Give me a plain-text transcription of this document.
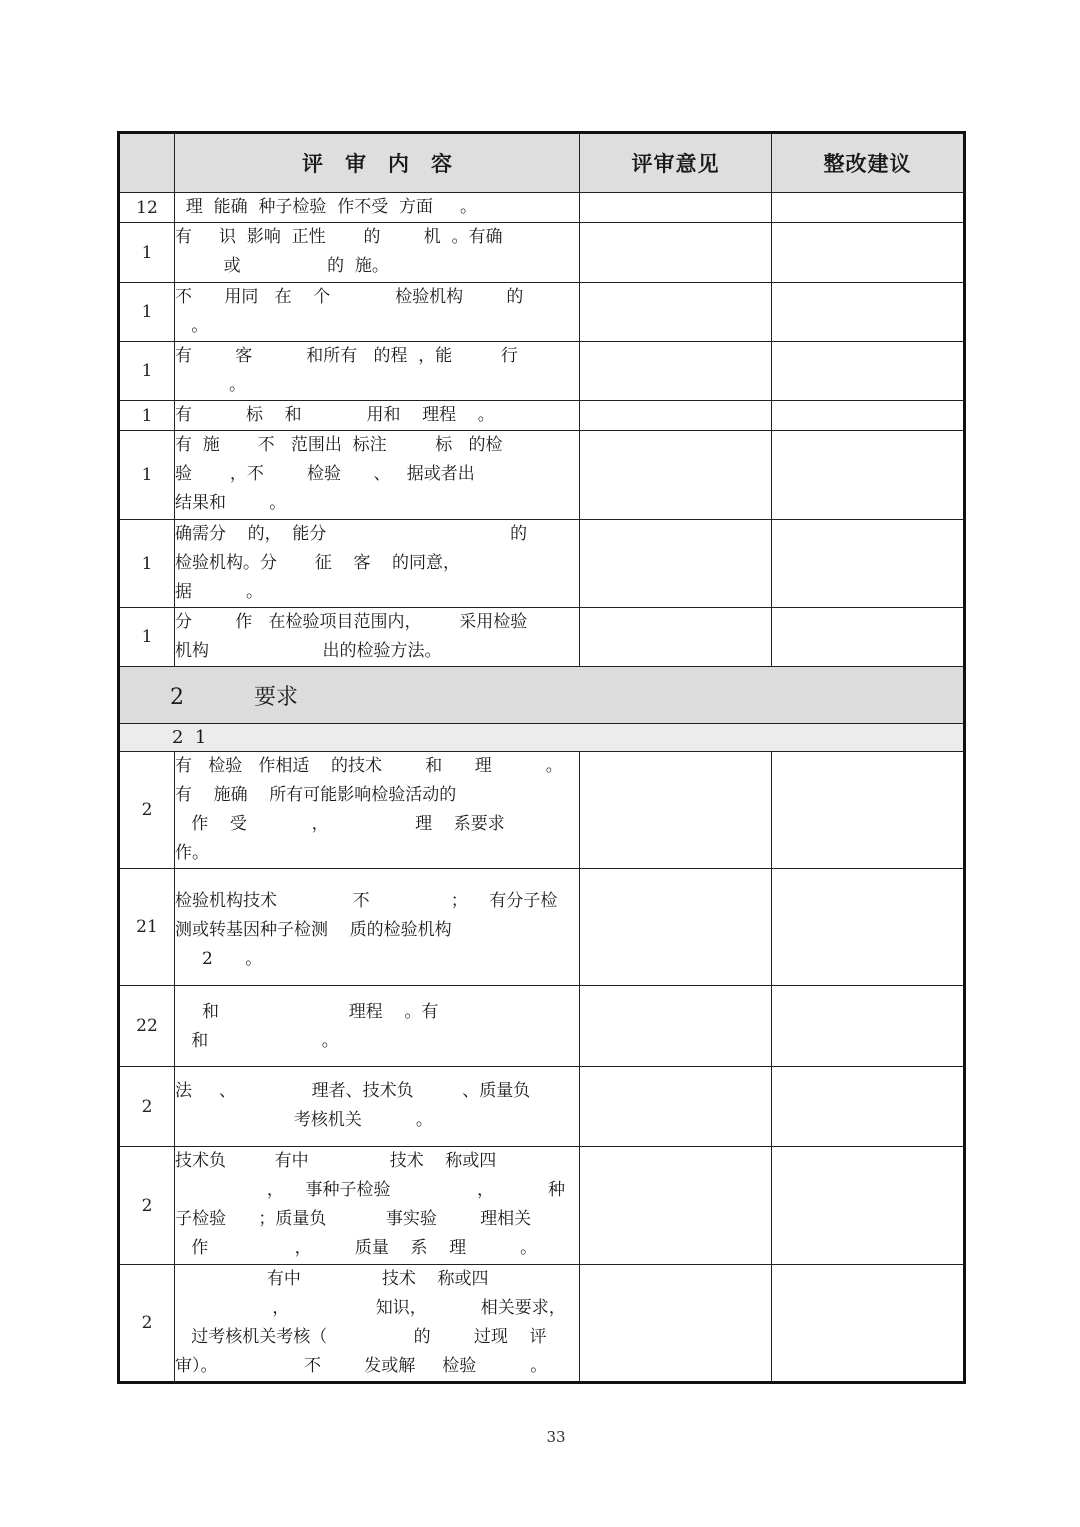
	评审内容	评审意见	整改建议
12	理  能确  种子检验  作不受  方面     。		
1	有     识  影响  正性       的        机  。有确
或                的  施。		
1	不      用同   在    个            检验机构        的
。		
1	有        客          和所有   的程  ，能         行
。		
1	有          标    和            用和    理程    。		
1	有  施       不   范围出  标注         标   的检
验       ，不        检验      、   据或者出
结果和        。		
1	确需分    的，  能分                                  的
检验机构。分       征    客    的同意，
据          。		
1	分        作   在检验项目范围内，       采用检验
机构                     出的检验方法。		
2 要求			
2  1			
2	有   检验   作相适    的技术        和      理          。
有    施确    所有可能影响检验活动的
作    受            ，                理    系要求
作。		
21	检验机构技术              不               ；    有分子检
测或转基因种子检测    质的检验机构
2      。		
22	和                        理程    。有
和                     。		
2	法     、              理者、技术负         、质量负
考核机关          。		
2	技术负         有中               技术    称或四
，    事种子检验                ，          种
子检验      ；质量负           事实验        理相关
作                ，        质量    系    理          。		
2	有中               技术    称或四
，                知识，          相关要求，
过考核机关考核（                的        过现    评
审）。                不        发或解     检验          。		
33
